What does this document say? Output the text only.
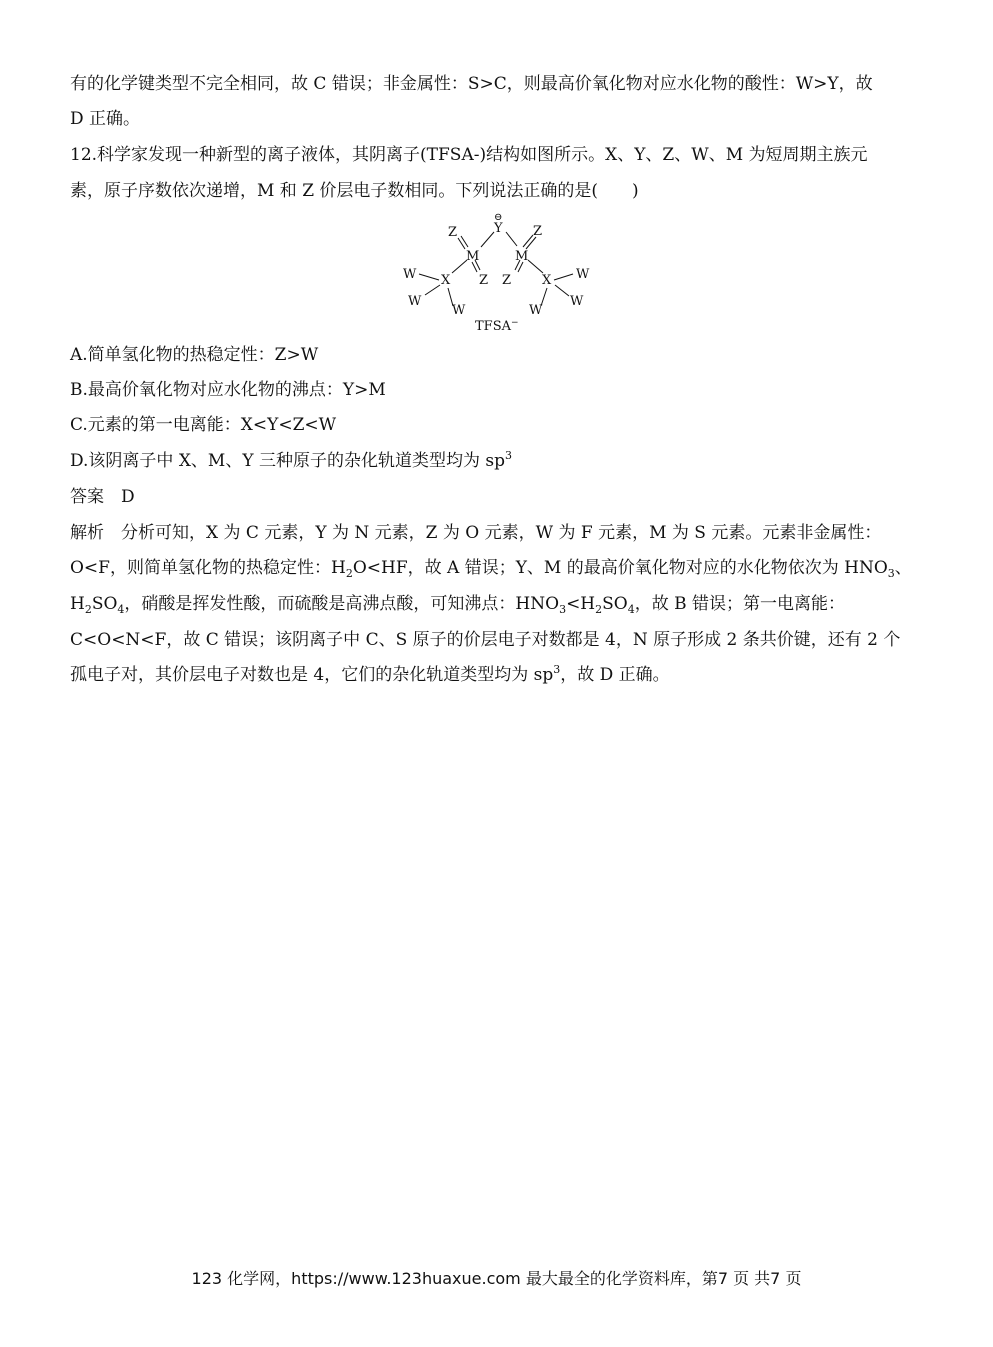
有的化学键类型不完全相同，故 C 错误；非金属性：S>C，则最高价氧化物对应水化物的酸性：W>Y，故
D 正确。
12.科学家发现一种新型的离子液体，其阴离子(TFSA-)结构如图所示。X、Y、Z、W、M 为短周期主族元
素，原子序数依次递增，M 和 Z 价层电子数相同。下列说法正确的是(　　)
Z	Y Z
M	M
W X Z Z X W
W	W
W	W
⊖
TFSA−
A.简单氢化物的热稳定性：Z>W
B.最高价氧化物对应水化物的沸点：Y>M
C.元素的第一电离能：X<Y<Z<W
D.该阴离子中 X、M、Y 三种原子的杂化轨道类型均为 $sp^3$
答案　D
解析　分析可知，X 为 C 元素，Y 为 N 元素，Z 为 O 元素，W 为 F 元素，M 为 S 元素。元素非金属性：
O<F，则简单氢化物的热稳定性：$H_2O<HF$，故 A 错误；Y、M 的最高价氧化物对应的水化物依次为 $HNO_3$、
$H_2SO_4$，硝酸是挥发性酸，而硫酸是高沸点酸，可知沸点：$HNO_3<H_2SO_4$，故 B 错误；第一电离能：
C<O<N<F，故 C 错误；该阴离子中 C、S 原子的价层电子对数都是 4，N 原子形成 2 条共价键，还有 2 个
孤电子对，其价层电子对数也是 4，它们的杂化轨道类型均为 $sp^3$，故 D 正确。
123 化学网，https://www.123huaxue.com 最大最全的化学资料库，第7 页 共7 页
